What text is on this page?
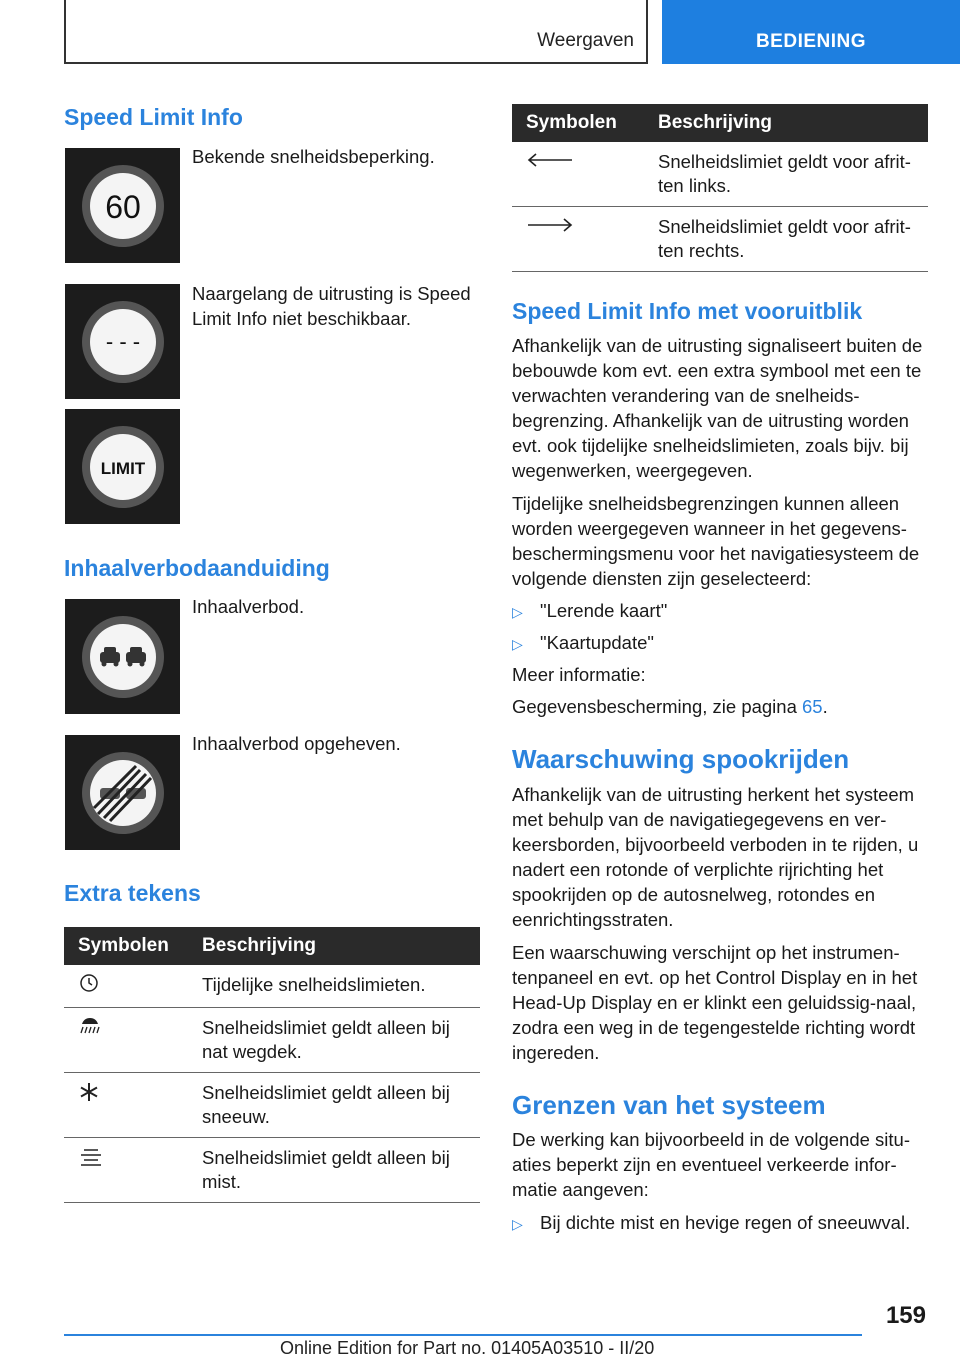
Weergaven	BEDIENING
Speed Limit Info
60
Bekende snelheidsbeperking.
- - -
Naargelang de uitrusting is Speed Limit Info niet beschikbaar.
LIMIT
Inhaalverbodaanduiding
Inhaalverbod.
Inhaalverbod opgeheven.
Extra tekens
Symbolen	Beschrijving
	Tijdelijke snelheidslimieten.
	Snelheidslimiet geldt alleen bij nat wegdek.
	Snelheidslimiet geldt alleen bij sneeuw.
	Snelheidslimiet geldt alleen bij mist.
Symbolen	Beschrijving
	Snelheidslimiet geldt voor afrit-ten links.
	Snelheidslimiet geldt voor afrit-ten rechts.
Speed Limit Info met vooruitblik
Afhankelijk van de uitrusting signaliseert buiten de bebouwde kom evt. een extra symbool met een te verwachten verandering van de snelheids-begrenzing. Afhankelijk van de uitrusting worden evt. ook tijdelijke snelheidslimieten, zoals bijv. bij wegenwerken, weergegeven.
Tijdelijke snelheidsbegrenzingen kunnen alleen worden weergegeven wanneer in het gegevens-beschermingsmenu voor het navigatiesysteem de volgende diensten zijn geselecteerd:
▷ "Lerende kaart"
▷ "Kaartupdate"
Meer informatie:
Gegevensbescherming, zie pagina 65.
Waarschuwing spookrijden
Afhankelijk van de uitrusting herkent het systeem met behulp van de navigatiegegevens en ver-keersborden, bijvoorbeeld verboden in te rijden, u nadert een rotonde of verplichte rijrichting het spookrijden op de autosnelweg, rotondes en eenrichtingsstraten.
Een waarschuwing verschijnt op het instrumen-tenpaneel en evt. op het Control Display en in het Head-Up Display en er klinkt een geluidssig-naal, zodra een weg in de tegengestelde richting wordt ingereden.
Grenzen van het systeem
De werking kan bijvoorbeeld in de volgende situ-aties beperkt zijn en eventueel verkeerde infor-matie aangeven:
▷ Bij dichte mist en hevige regen of sneeuwval.
159
Online Edition for Part no. 01405A03510 - II/20
